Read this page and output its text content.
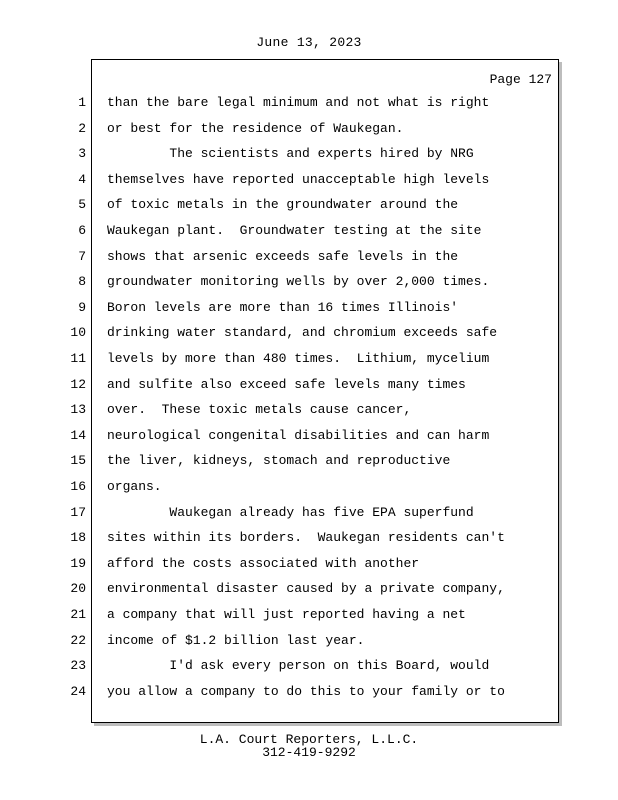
June 13, 2023
Page 127
1 than the bare legal minimum and not what is right
2 or best for the residence of Waukegan.
3 The scientists and experts hired by NRG
4 themselves have reported unacceptable high levels
5 of toxic metals in the groundwater around the
6 Waukegan plant.  Groundwater testing at the site
7 shows that arsenic exceeds safe levels in the
8 groundwater monitoring wells by over 2,000 times.
9 Boron levels are more than 16 times Illinois'
10 drinking water standard, and chromium exceeds safe
11 levels by more than 480 times.  Lithium, mycelium
12 and sulfite also exceed safe levels many times
13 over.  These toxic metals cause cancer,
14 neurological congenital disabilities and can harm
15 the liver, kidneys, stomach and reproductive
16 organs.
17 Waukegan already has five EPA superfund
18 sites within its borders.  Waukegan residents can't
19 afford the costs associated with another
20 environmental disaster caused by a private company,
21 a company that will just reported having a net
22 income of $1.2 billion last year.
23 I'd ask every person on this Board, would
24 you allow a company to do this to your family or to
L.A. Court Reporters, L.L.C.
312-419-9292
